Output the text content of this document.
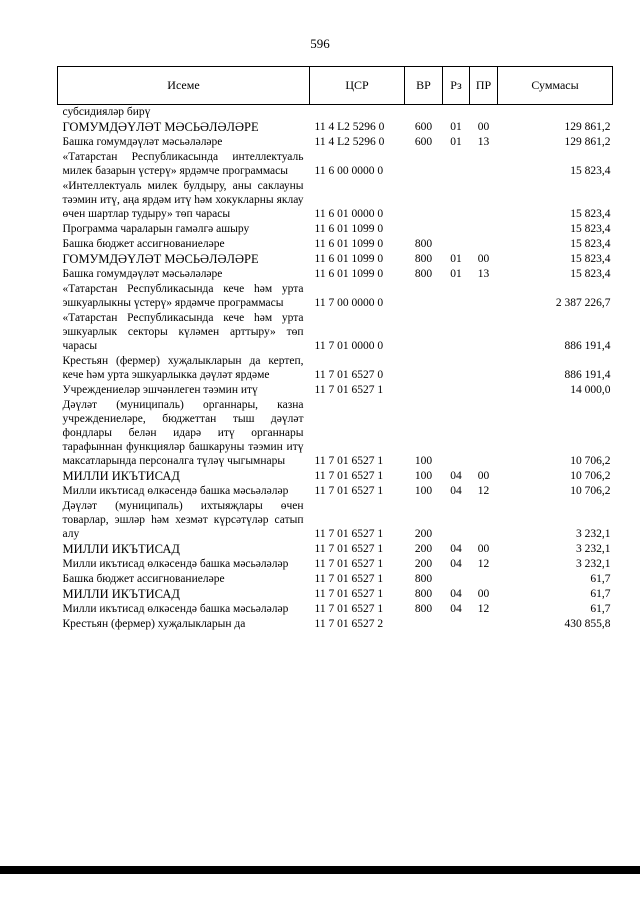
596
Исеме	ЦСР	ВР	Рз	ПР	Суммасы
субсидияләр бирү					
ГОМУМДӘҮЛӘТ МӘСЬӘЛӘЛӘРЕ	11 4 L2 5296 0	600	01	00	129 861,2
Башка гомумдәүләт мәсьәләләре	11 4 L2 5296 0	600	01	13	129 861,2
«Татарстан Республикасында интеллектуаль милек базарын үстерү» ярдәмче программасы	11 6 00 0000 0				15 823,4
«Интеллектуаль милек булдыру, аны саклауны тәэмин итү, аңа ярдәм итү һәм хокукларны яклау өчен шартлар тудыру» төп чарасы	11 6 01 0000 0				15 823,4
Программа чараларын гамәлгә ашыру	11 6 01 1099 0				15 823,4
Башка бюджет ассигнованиеләре	11 6 01 1099 0	800			15 823,4
ГОМУМДӘҮЛӘТ МӘСЬӘЛӘЛӘРЕ	11 6 01 1099 0	800	01	00	15 823,4
Башка гомумдәүләт мәсьәләләре	11 6 01 1099 0	800	01	13	15 823,4
«Татарстан Республикасында кече һәм урта эшкуарлыкны үстерү» ярдәмче программасы	11 7 00 0000 0				2 387 226,7
«Татарстан Республикасында кече һәм урта эшкуарлык секторы күләмен арттыру» төп чарасы	11 7 01 0000 0				886 191,4
Крестьян (фермер) хуҗалыкларын да кертеп, кече һәм урта эшкуарлыкка дәүләт ярдәме	11 7 01 6527 0				886 191,4
Учреждениеләр эшчәнлеген тәэмин итү	11 7 01 6527 1				14 000,0
Дәүләт (муниципаль) органнары, казна учреждениеләре, бюджеттан тыш дәүләт фондлары белән идарә итү органнары тарафыннан функцияләр башкаруны тәэмин итү максатларында персоналга түләү чыгымнары	11 7 01 6527 1	100			10 706,2
МИЛЛИ ИКЪТИСАД	11 7 01 6527 1	100	04	00	10 706,2
Милли икътисад өлкәсендә башка мәсьәләләр	11 7 01 6527 1	100	04	12	10 706,2
Дәүләт (муниципаль) ихтыяҗлары өчен товарлар, эшләр һәм хезмәт күрсәтүләр сатып алу	11 7 01 6527 1	200			3 232,1
МИЛЛИ ИКЪТИСАД	11 7 01 6527 1	200	04	00	3 232,1
Милли икътисад өлкәсендә башка мәсьәләләр	11 7 01 6527 1	200	04	12	3 232,1
Башка бюджет ассигнованиеләре	11 7 01 6527 1	800			61,7
МИЛЛИ ИКЪТИСАД	11 7 01 6527 1	800	04	00	61,7
Милли икътисад өлкәсендә башка мәсьәләләр	11 7 01 6527 1	800	04	12	61,7
Крестьян (фермер) хуҗалыкларын да	11 7 01 6527 2				430 855,8
